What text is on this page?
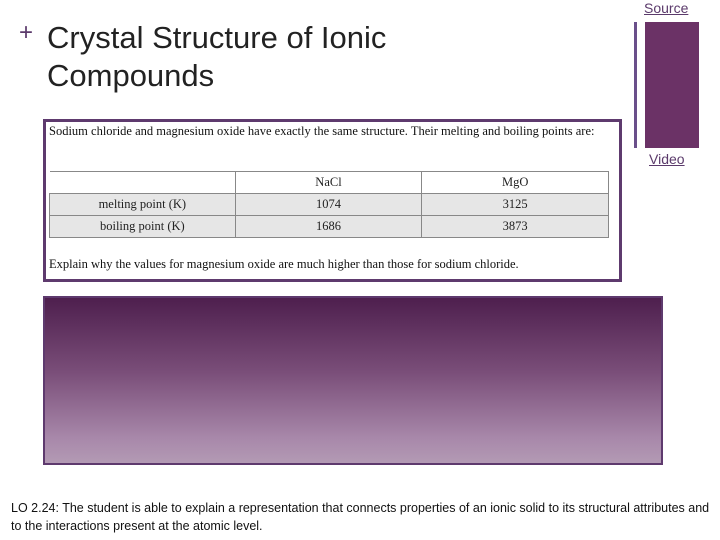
+ Crystal Structure of Ionic Compounds
Source
Video
Sodium chloride and magnesium oxide have exactly the same structure. Their melting and boiling points are:
	NaCl	MgO
melting point (K)	1074	3125
boiling point (K)	1686	3873
Explain why the values for magnesium oxide are much higher than those for sodium chloride.
LO 2.24: The student is able to explain a representation that connects properties of an ionic solid to its structural attributes and to the interactions present at the atomic level.
